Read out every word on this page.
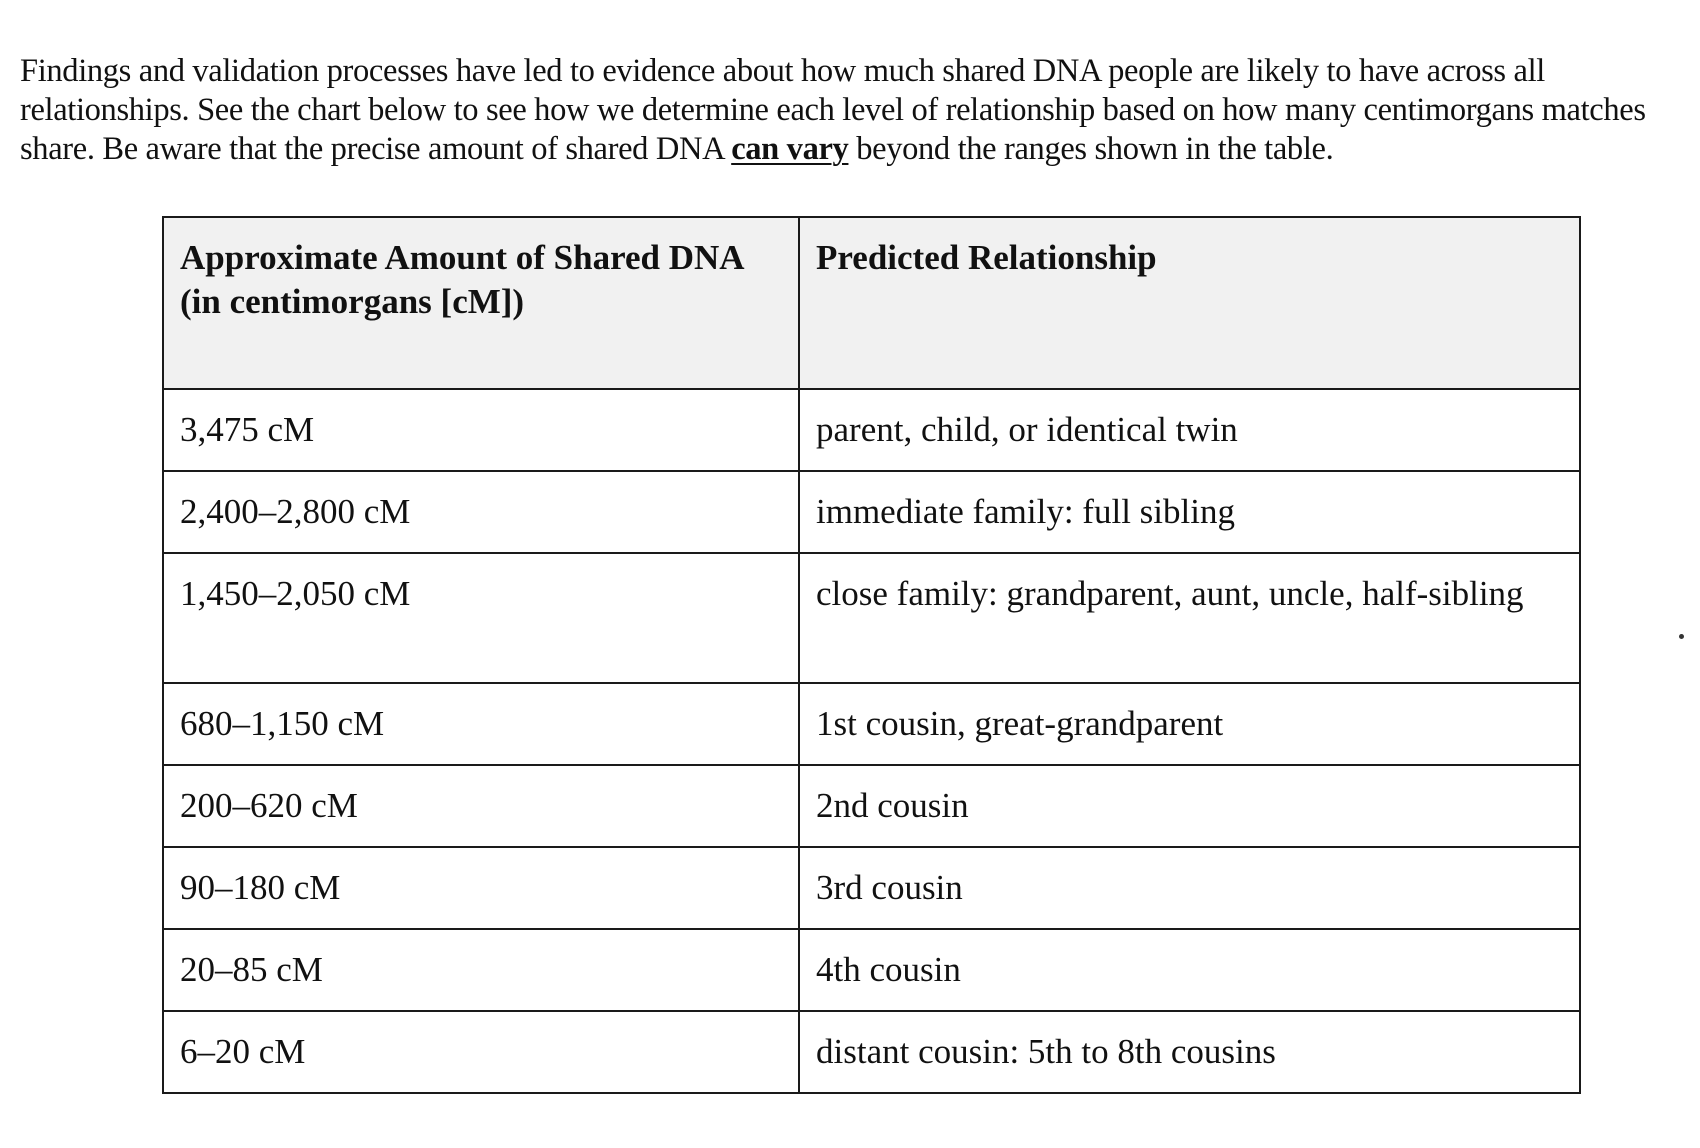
Findings and validation processes have led to evidence about how much shared DNA people are likely to have across all relationships. See the chart below to see how we determine each level of relationship based on how many centimorgans matches share. Be aware that the precise amount of shared DNA can vary beyond the ranges shown in the table.

Approximate Amount of Shared DNA
(in centimorgans [cM])	Predicted Relationship
3,475 cM	parent, child, or identical twin
2,400–2,800 cM	immediate family: full sibling
1,450–2,050 cM	close family: grandparent, aunt, uncle, half-sibling
680–1,150 cM	1st cousin, great-grandparent
200–620 cM	2nd cousin
90–180 cM	3rd cousin
20–85 cM	4th cousin
6–20 cM	distant cousin: 5th to 8th cousins
